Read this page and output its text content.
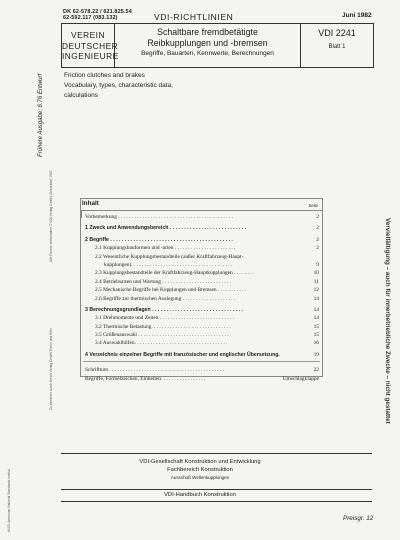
DK 62-578.22 / 621.825.54
62-592.117 (083.132)	VDI-RICHTLINIEN	Juni 1982
VEREIN
DEUTSCHER
INGENIEURE
Schaltbare fremdbetätigte
Reibkupplungen und -bremsen
Begriffe, Bauarten, Kennwerte, Berechnungen
VDI 2241
Blatt 1
Friction clutches and brakes
Vocabulary, types, characteristic data,
calculations
Frühere Ausgabe: 6.76 Entwurf
Alle Rechte vorbehalten © VDI-Verlag GmbH, Düsseldorf 1982
Zu beziehen durch Beuth Verlag GmbH, Berlin und Köln
ANSI: American National Standards Institut
Vervielfältigung – auch für innerbetriebliche Zwecke – nicht gestattet
Inhalt	Seite
Vorbemerkung . . . . . . . . . . . . . . . . . . . . . . . . . . . . . . . . . . . . . . . . . . .	2
1 Zweck und Anwendungsbereich . . . . . . . . . . . . . . . . . . . . . . . . . . .	2
2 Begriffe . . . . . . . . . . . . . . . . . . . . . . . . . . . . . . . . . . . . . . . . . . .	2
2.1 Kupplungsbauformen und -arten . . . . . . . . . . . . . . . . . . . . . . .	2
2.2 Wesentliche Kupplungsbestandteile (außer Kraftfahrzeug-Haupt-
kupplungen). . . . . . . . . . . . . . . . . . . . . . . . . . . . . . . . . . . . . .	9
2.3 Kupplungsbestandteile der Kraftfahrzeug-Hauptkupplungen . . . . . . . .	10
2.4 Betriebsarten und Wartung . . . . . . . . . . . . . . . . . . . . . . . . . .	11
2.5 Mechanische Begriffe bei Kupplungen und Bremsen . . . . . . . . . . .	12
2.6 Begriffe zur thermischen Auslegung . . . . . . . . . . . . . . . . . . . .	14
3 Berechnungsgrundlagen . . . . . . . . . . . . . . . . . . . . . . . . . . . . . . . .	14
3.1 Drehmomente und Zeiten . . . . . . . . . . . . . . . . . . . . . . . . . . . .	14
3.2 Thermische Belastung. . . . . . . . . . . . . . . . . . . . . . . . . . . . . .	15
3.5 Größenauswahl . . . . . . . . . . . . . . . . . . . . . . . . . . . . . . . . . .	15
3.4 Auswahlhilfen. . . . . . . . . . . . . . . . . . . . . . . . . . . . . . . . . . .	16
4 Verzeichnis einzelner Begriffe mit französischer und englischer Übersetzung.	19
Schrifttum . . . . . . . . . . . . . . . . . . . . . . . . . . . . . . . . . . . . . . . . . . .	22
Begriffe, Formelzeichen, Einheiten. . . . . . . . . . . . . . . . .	Umschlagklappe
VDI-Gesellschaft Konstruktion und Entwicklung
Fachbereich Konstruktion
Ausschuß Wellenkupplungen
VDI-Handbuch Konstruktion
Preisgr. 12
